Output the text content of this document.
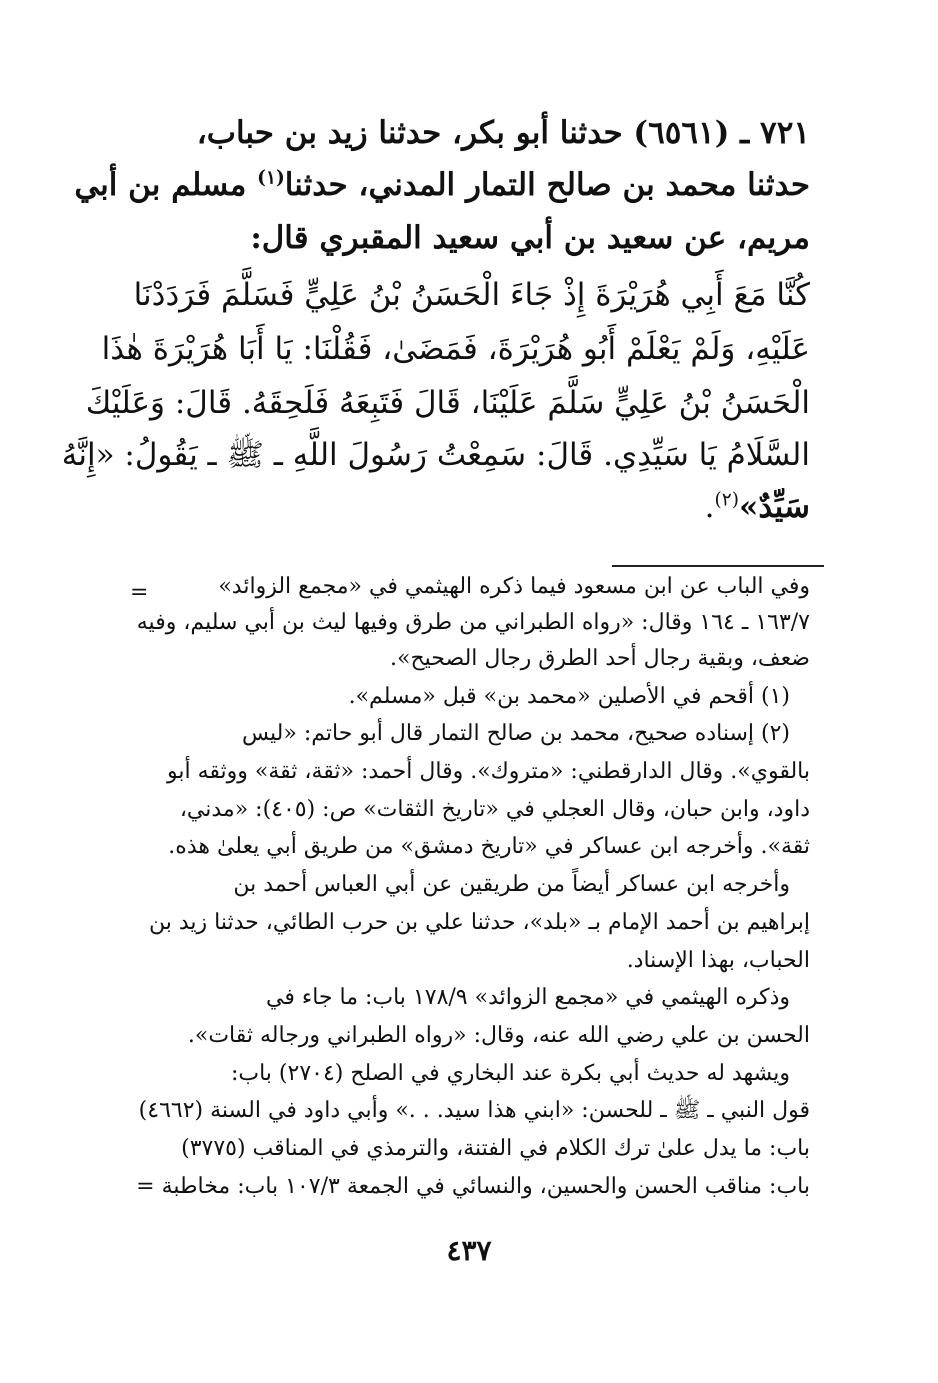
٧٢١ ـ (٦٥٦١) حدثنا أبو بكر، حدثنا زيد بن حباب،
حدثنا محمد بن صالح التمار المدني، حدثنا$^{(١)}$ مسلم بن أبي
مريم، عن سعيد بن أبي سعيد المقبري قال:
كُنَّا مَعَ أَبِي هُرَيْرَةَ إِذْ جَاءَ الْحَسَنُ بْنُ عَلِيٍّ فَسَلَّمَ فَرَدَدْنَا
عَلَيْهِ، وَلَمْ يَعْلَمْ أَبُو هُرَيْرَةَ، فَمَضَىٰ، فَقُلْنَا: يَا أَبَا هُرَيْرَةَ هٰذَا
الْحَسَنُ بْنُ عَلِيٍّ سَلَّمَ عَلَيْنَا، قَالَ فَتَبِعَهُ فَلَحِقَهُ. قَالَ: وَعَلَيْكَ
السَّلَامُ يَا سَيِّدِي. قَالَ: سَمِعْتُ رَسُولَ اللَّهِ ـ ﷺ ـ يَقُولُ: «إِنَّهُ
سَيِّدٌ»$^{(٢)}$.
=	وفي الباب عن ابن مسعود فيما ذكره الهيثمي في «مجمع الزوائد»
١٦٣/٧ ـ ١٦٤ وقال: «رواه الطبراني من طرق وفيها ليث بن أبي سليم، وفيه
ضعف، وبقية رجال أحد الطرق رجال الصحيح».
(١) أقحم في الأصلين «محمد بن» قبل «مسلم».
(٢) إسناده صحيح، محمد بن صالح التمار قال أبو حاتم: «ليس
بالقوي». وقال الدارقطني: «متروك». وقال أحمد: «ثقة، ثقة» ووثقه أبو
داود، وابن حبان، وقال العجلي في «تاريخ الثقات» ص: (٤٠٥): «مدني،
ثقة». وأخرجه ابن عساكر في «تاريخ دمشق» من طريق أبي يعلىٰ هذه.
وأخرجه ابن عساكر أيضاً من طريقين عن أبي العباس أحمد بن
إبراهيم بن أحمد الإمام بـ «بلد»، حدثنا علي بن حرب الطائي، حدثنا زيد بن
الحباب، بهذا الإسناد.
وذكره الهيثمي في «مجمع الزوائد» ١٧٨/٩ باب: ما جاء في
الحسن بن علي رضي الله عنه، وقال: «رواه الطبراني ورجاله ثقات».
ويشهد له حديث أبي بكرة عند البخاري في الصلح (٢٧٠٤) باب:
قول النبي ـ ﷺ ـ للحسن: «ابني هذا سيد. . .» وأبي داود في السنة (٤٦٦٢)
باب: ما يدل علىٰ ترك الكلام في الفتنة، والترمذي في المناقب (٣٧٧٥)
باب: مناقب الحسن والحسين، والنسائي في الجمعة ١٠٧/٣ باب: مخاطبة =
٤٣٧
